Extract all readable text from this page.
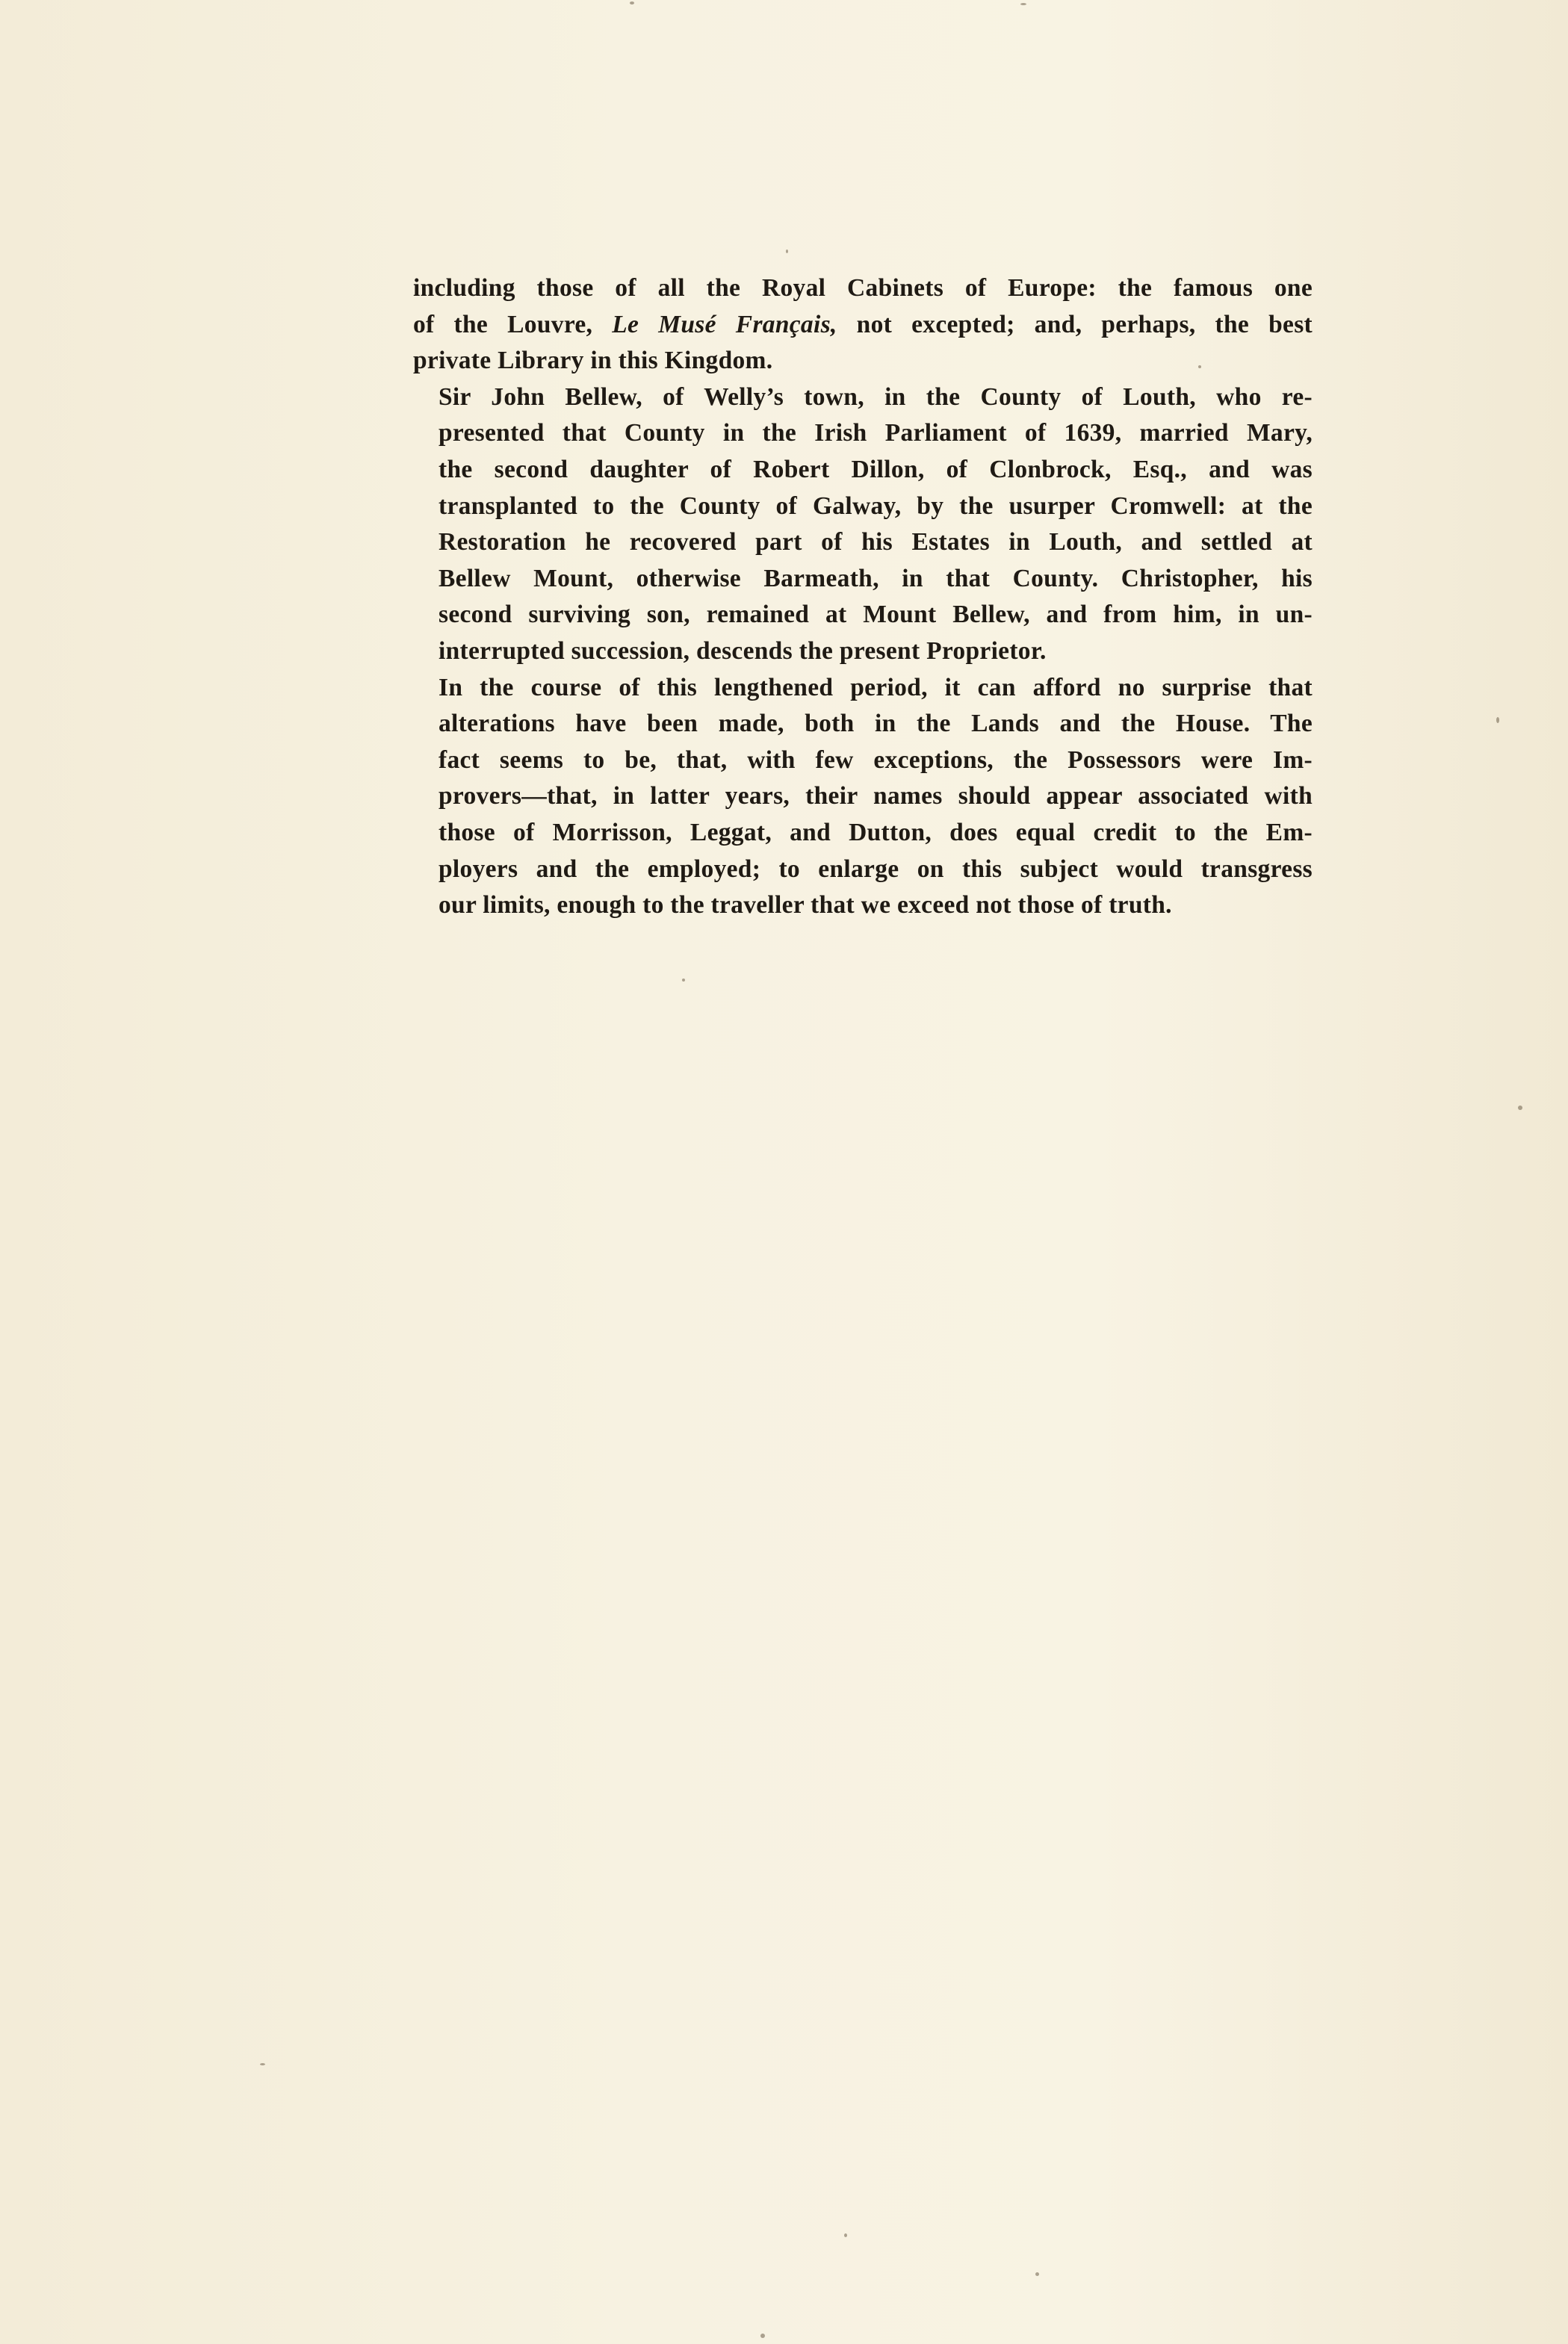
including those of all the Royal Cabinets of Europe: the famous one
of the Louvre, Le Musé Français, not excepted; and, perhaps, the best
private Library in this Kingdom.

Sir John Bellew, of Welly’s town, in the County of Louth, who re-
presented that County in the Irish Parliament of 1639, married Mary,
the second daughter of Robert Dillon, of Clonbrock, Esq., and was
transplanted to the County of Galway, by the usurper Cromwell: at the
Restoration he recovered part of his Estates in Louth, and settled at
Bellew Mount, otherwise Barmeath, in that County. Christopher, his
second surviving son, remained at Mount Bellew, and from him, in un-
interrupted succession, descends the present Proprietor.

In the course of this lengthened period, it can afford no surprise that
alterations have been made, both in the Lands and the House. The
fact seems to be, that, with few exceptions, the Possessors were Im-
provers—that, in latter years, their names should appear associated with
those of Morrisson, Leggat, and Dutton, does equal credit to the Em-
ployers and the employed; to enlarge on this subject would transgress
our limits, enough to the traveller that we exceed not those of truth.
